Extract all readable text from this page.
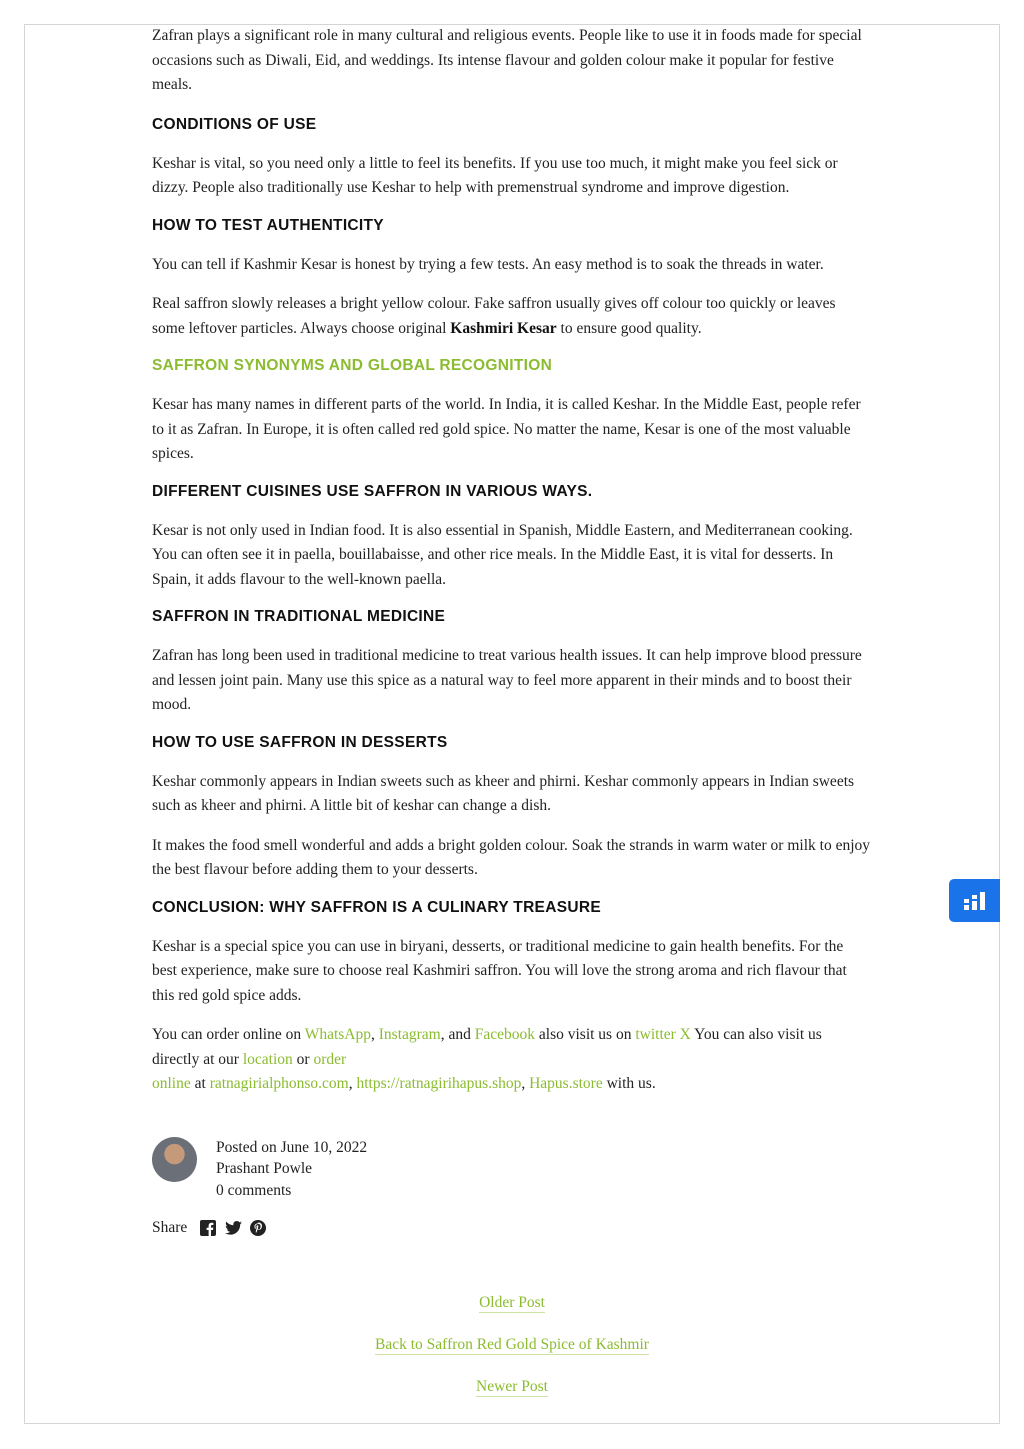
Zafran plays a significant role in many cultural and religious events. People like to use it in foods made for special occasions such as Diwali, Eid, and weddings. Its intense flavour and golden colour make it popular for festive meals.

CONDITIONS OF USE

Keshar is vital, so you need only a little to feel its benefits. If you use too much, it might make you feel sick or dizzy. People also traditionally use Keshar to help with premenstrual syndrome and improve digestion.

HOW TO TEST AUTHENTICITY

You can tell if Kashmir Kesar is honest by trying a few tests. An easy method is to soak the threads in water.

Real saffron slowly releases a bright yellow colour. Fake saffron usually gives off colour too quickly or leaves some leftover particles. Always choose original Kashmiri Kesar to ensure good quality.

SAFFRON SYNONYMS AND GLOBAL RECOGNITION

Kesar has many names in different parts of the world. In India, it is called Keshar. In the Middle East, people refer to it as Zafran. In Europe, it is often called red gold spice. No matter the name, Kesar is one of the most valuable spices.

DIFFERENT CUISINES USE SAFFRON IN VARIOUS WAYS.

Kesar is not only used in Indian food. It is also essential in Spanish, Middle Eastern, and Mediterranean cooking. You can often see it in paella, bouillabaisse, and other rice meals. In the Middle East, it is vital for desserts. In Spain, it adds flavour to the well-known paella.

SAFFRON IN TRADITIONAL MEDICINE

Zafran has long been used in traditional medicine to treat various health issues. It can help improve blood pressure and lessen joint pain. Many use this spice as a natural way to feel more apparent in their minds and to boost their mood.

HOW TO USE SAFFRON IN DESSERTS

Keshar commonly appears in Indian sweets such as kheer and phirni. Keshar commonly appears in Indian sweets such as kheer and phirni. A little bit of keshar can change a dish.

It makes the food smell wonderful and adds a bright golden colour. Soak the strands in warm water or milk to enjoy the best flavour before adding them to your desserts.

CONCLUSION: WHY SAFFRON IS A CULINARY TREASURE

Keshar is a special spice you can use in biryani, desserts, or traditional medicine to gain health benefits. For the best experience, make sure to choose real Kashmiri saffron. You will love the strong aroma and rich flavour that this red gold spice adds.

You can order online on WhatsApp, Instagram, and Facebook also visit us on twitter X You can also visit us directly at our location or order
online at ratnagirialphonso.com, https://ratnagirihapus.shop, Hapus.store with us.

Posted on June 10, 2022

Prashant Powle

0 comments

Share
Older Post
Back to Saffron Red Gold Spice of Kashmir
Newer Post
